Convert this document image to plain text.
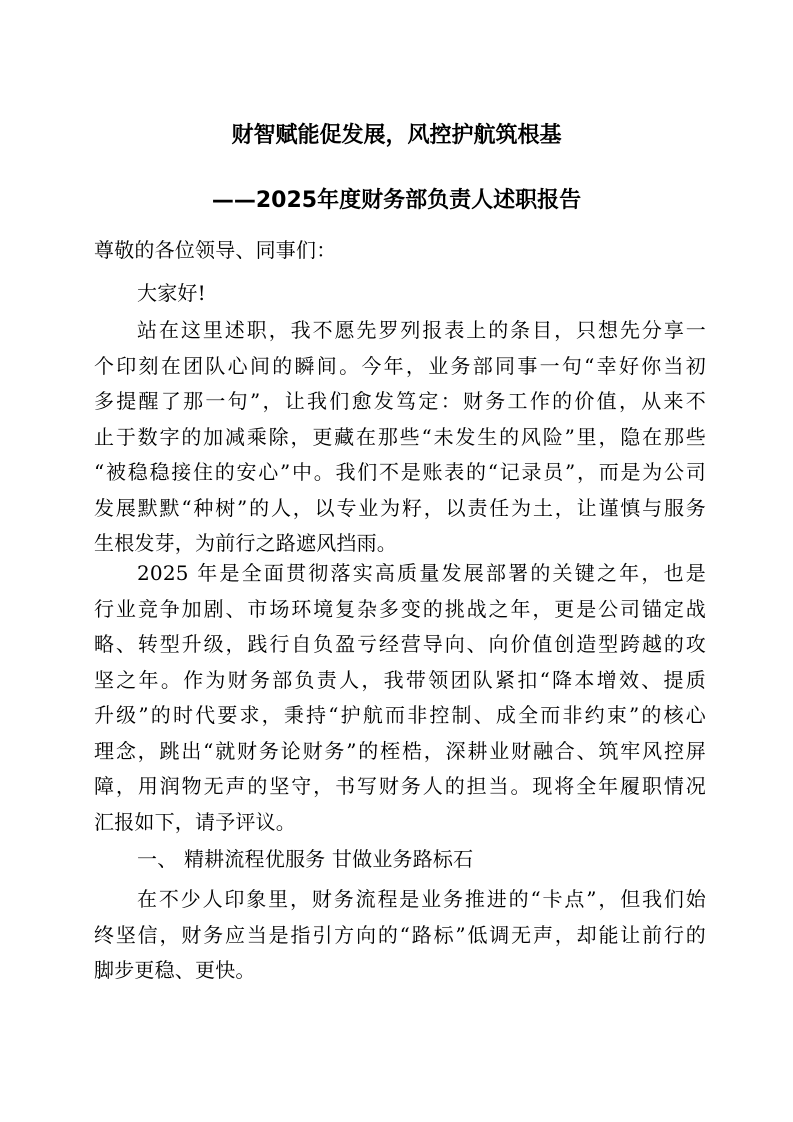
财智赋能促发展，风控护航筑根基
——2025年度财务部负责人述职报告

尊敬的各位领导、同事们：

大家好!

站在这里述职，我不愿先罗列报表上的条目，只想先分享一
个印刻在团队心间的瞬间。今年，业务部同事一句“幸好你当初
多提醒了那一句”，让我们愈发笃定：财务工作的价值，从来不
止于数字的加减乘除，更藏在那些“未发生的风险”里，隐在那些
“被稳稳接住的安心”中。我们不是账表的“记录员”，而是为公司
发展默默“种树”的人，以专业为籽，以责任为土，让谨慎与服务
生根发芽，为前行之路遮风挡雨。
2025 年是全面贯彻落实高质量发展部署的关键之年，也是
行业竞争加剧、市场环境复杂多变的挑战之年，更是公司锚定战
略、转型升级，践行自负盈亏经营导向、向价值创造型跨越的攻
坚之年。作为财务部负责人，我带领团队紧扣“降本增效、提质
升级”的时代要求，秉持“护航而非控制、成全而非约束”的核心
理念，跳出“就财务论财务”的桎梏，深耕业财融合、筑牢风控屏
障，用润物无声的坚守，书写财务人的担当。现将全年履职情况
汇报如下，请予评议。

一、 精耕流程优服务 甘做业务路标石

在不少人印象里，财务流程是业务推进的“卡点”，但我们始
终坚信，财务应当是指引方向的“路标”低调无声，却能让前行的
脚步更稳、更快。
